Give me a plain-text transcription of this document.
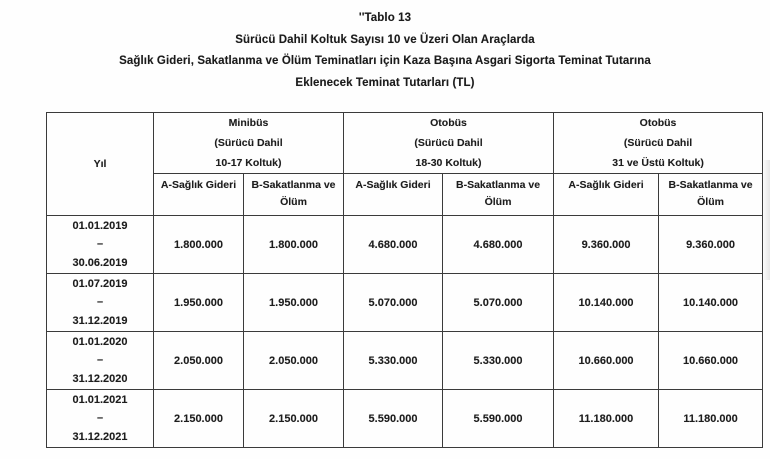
''Tablo 13
Sürücü Dahil Koltuk Sayısı 10 ve Üzeri Olan Araçlarda
Sağlık Gideri, Sakatlanma ve Ölüm Teminatları için Kaza Başına Asgari Sigorta Teminat Tutarına
Eklenecek Teminat Tutarları (TL)
Yıl	
Minibüs
(Sürücü Dahil
10-17 Koltuk)

Otobüs
(Sürücü Dahil
18-30 Koltuk)

Otobüs
(Sürücü Dahil
31 ve Üstü Koltuk)

A-Sağlık Gideri	B-Sakatlanma ve
Ölüm

A-Sağlık Gideri	B-Sakatlanma ve
Ölüm

A-Sağlık Gideri	B-Sakatlanma ve
Ölüm

01.01.2019
–
30.06.2019	1.800.000	1.800.000	4.680.000	4.680.000	9.360.000	9.360.000

01.07.2019
–
31.12.2019	1.950.000	1.950.000	5.070.000	5.070.000	10.140.000	10.140.000

01.01.2020
–
31.12.2020	2.050.000	2.050.000	5.330.000	5.330.000	10.660.000	10.660.000

01.01.2021
–
31.12.2021	2.150.000	2.150.000	5.590.000	5.590.000	11.180.000	11.180.000
